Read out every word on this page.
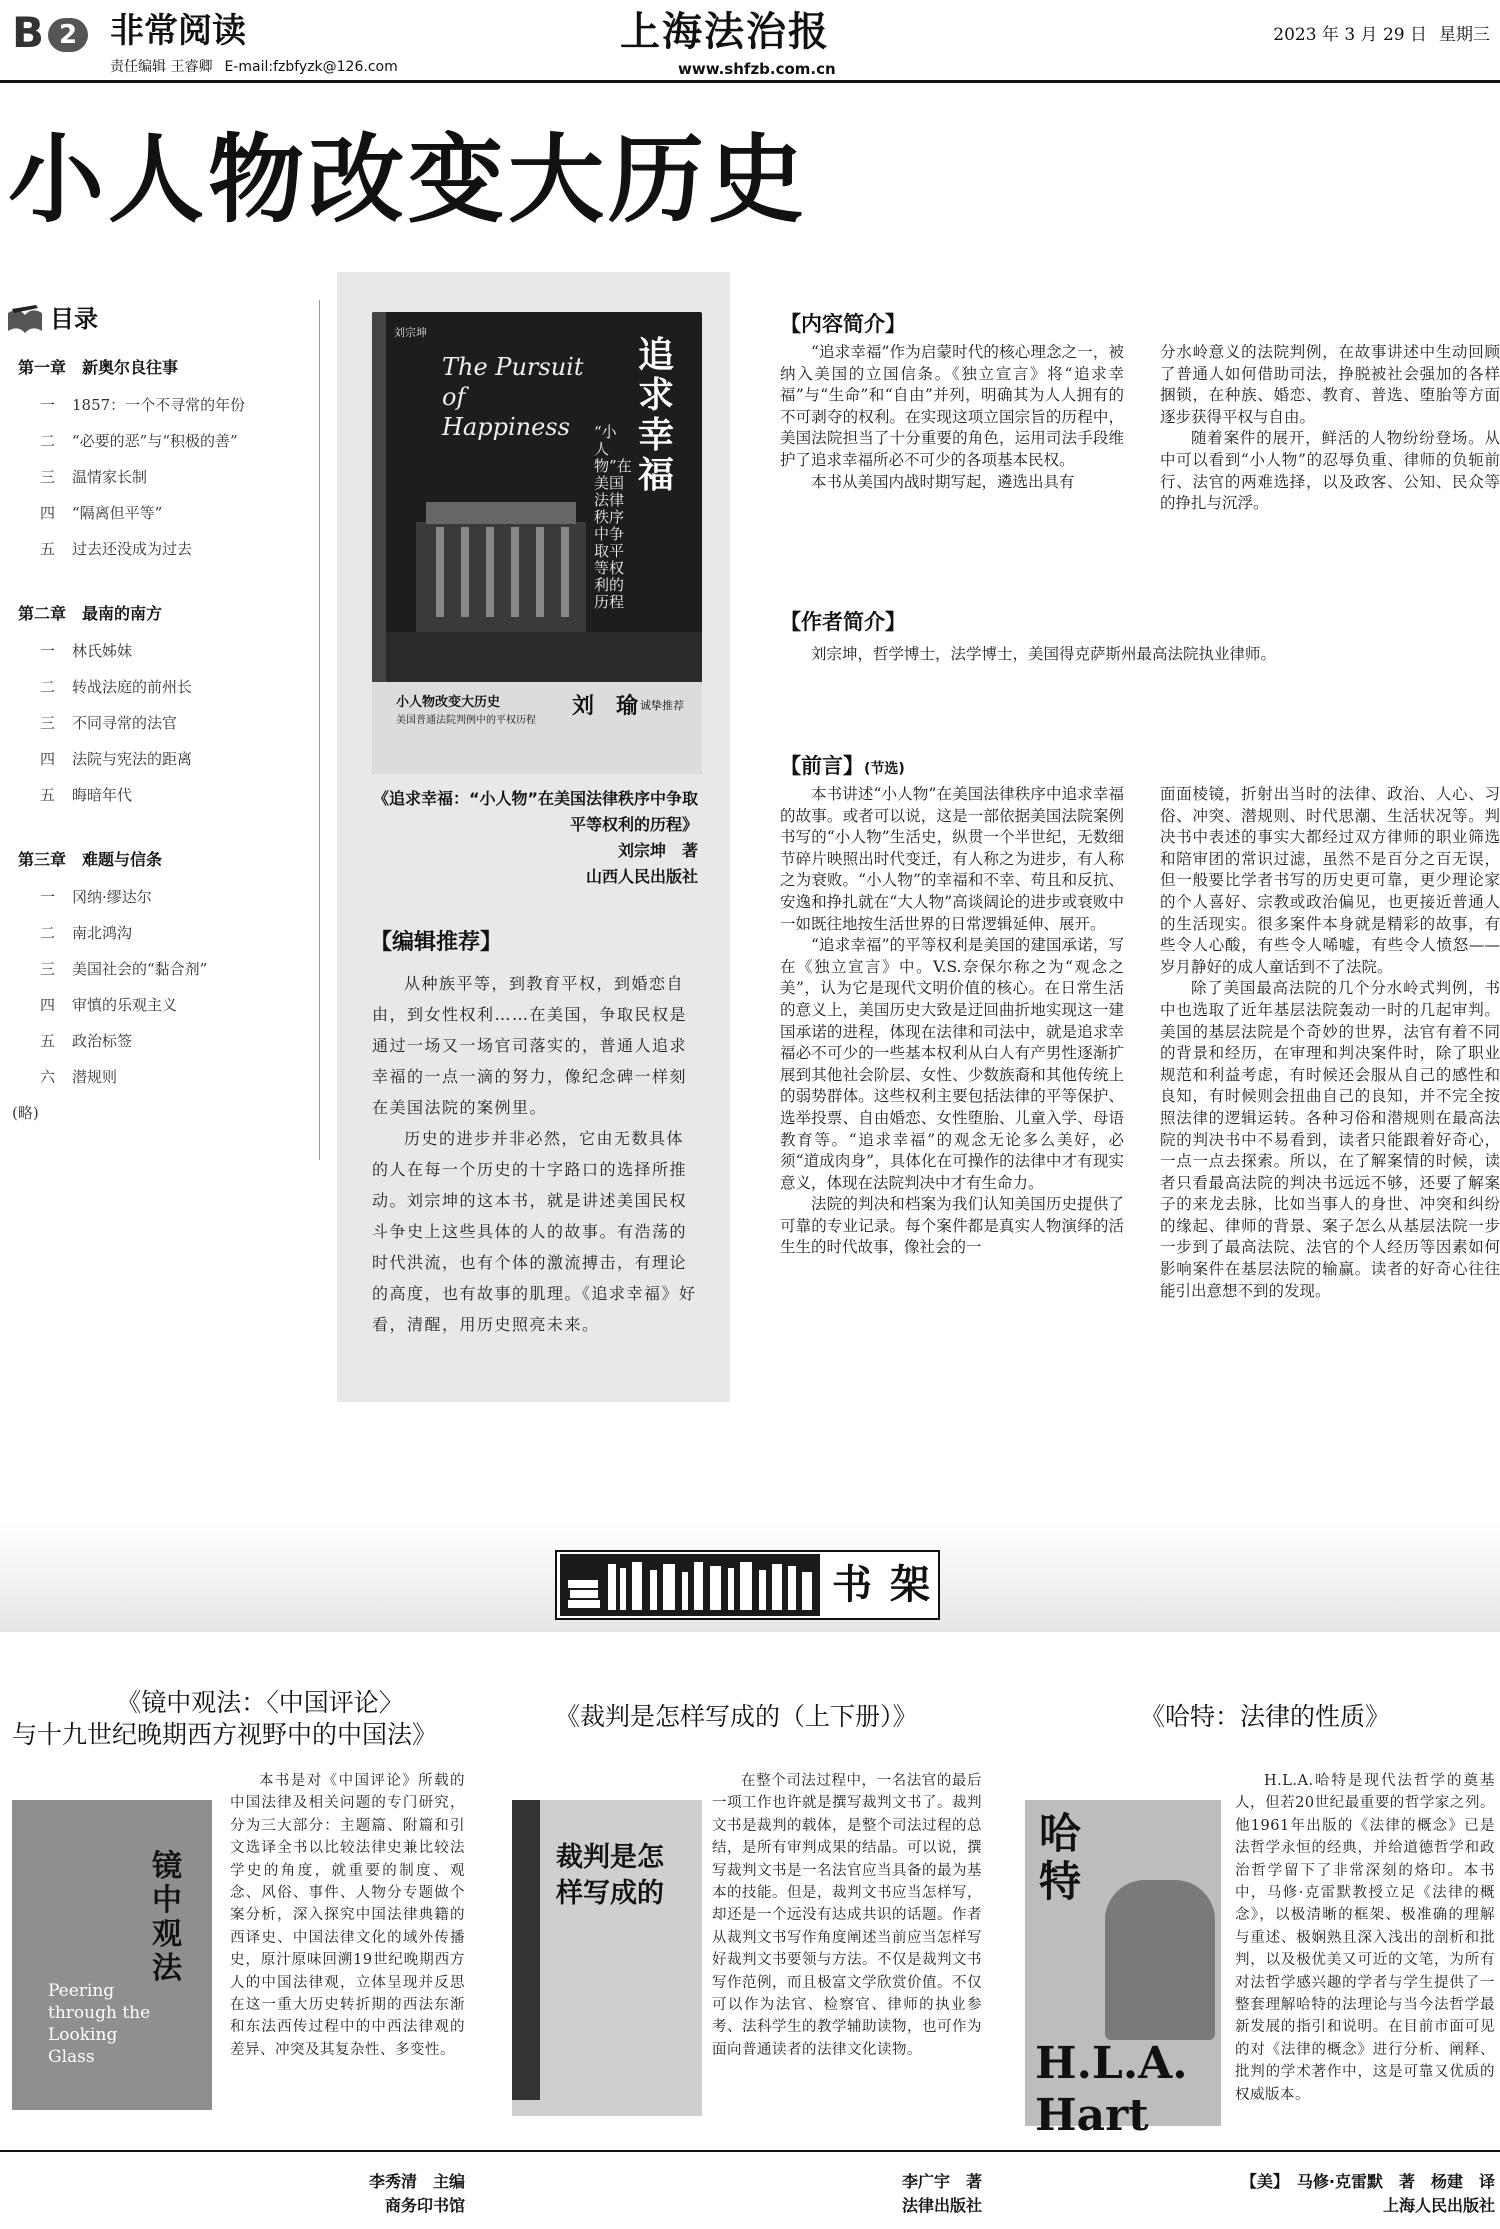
B 2 非常阅读
责任编辑 王睿卿 E-mail:fzbfyzk@126.com
上海法治报
www.shfzb.com.cn
2023 年 3 月 29 日 星期三
小人物改变大历史
目录
第一章　新奥尔良往事
一 1857：一个不寻常的年份
二 “必要的恶”与“积极的善”
三 温情家长制
四 “隔离但平等”
五 过去还没成为过去
第二章　最南的南方
一 林氏姊妹
二 转战法庭的前州长
三 不同寻常的法官
四 法院与宪法的距离
五 晦暗年代
第三章　难题与信条
一 冈纳·缪达尔
二 南北鸿沟
三 美国社会的“黏合剂”
四 审慎的乐观主义
五 政治标签
六 潜规则
(略)
刘宗坤
The Pursuit of Happiness
追求幸福
“小人物”在美国法律秩序中争取平等权利的历程
小人物改变大历史
美国普通法院判例中的平权历程
刘　瑜 诚挚推荐
《追求幸福：“小人物”在美国法律秩序中争取平等权利的历程》
刘宗坤　著
山西人民出版社
【编辑推荐】

从种族平等，到教育平权，到婚恋自由，到女性权利……在美国，争取民权是通过一场又一场官司落实的，普通人追求幸福的一点一滴的努力，像纪念碑一样刻在美国法院的案例里。

历史的进步并非必然，它由无数具体的人在每一个历史的十字路口的选择所推动。刘宗坤的这本书，就是讲述美国民权斗争史上这些具体的人的故事。有浩荡的时代洪流，也有个体的激流搏击，有理论的高度，也有故事的肌理。《追求幸福》好看，清醒，用历史照亮未来。

【内容简介】

“追求幸福”作为启蒙时代的核心理念之一，被纳入美国的立国信条。《独立宣言》将“追求幸福”与“生命”和“自由”并列，明确其为人人拥有的不可剥夺的权利。在实现这项立国宗旨的历程中，美国法院担当了十分重要的角色，运用司法手段维护了追求幸福所必不可少的各项基本民权。

本书从美国内战时期写起，遴选出具有

分水岭意义的法院判例，在故事讲述中生动回顾了普通人如何借助司法，挣脱被社会强加的各样捆锁，在种族、婚恋、教育、普选、堕胎等方面逐步获得平权与自由。

随着案件的展开，鲜活的人物纷纷登场。从中可以看到“小人物”的忍辱负重、律师的负轭前行、法官的两难选择，以及政客、公知、民众等的挣扎与沉浮。

【作者简介】

刘宗坤，哲学博士，法学博士，美国得克萨斯州最高法院执业律师。

【前言】(节选)

本书讲述“小人物”在美国法律秩序中追求幸福的故事。或者可以说，这是一部依据美国法院案例书写的“小人物”生活史，纵贯一个半世纪，无数细节碎片映照出时代变迁，有人称之为进步，有人称之为衰败。“小人物”的幸福和不幸、苟且和反抗、安逸和挣扎就在“大人物”高谈阔论的进步或衰败中一如既往地按生活世界的日常逻辑延伸、展开。

“追求幸福”的平等权利是美国的建国承诺，写在《独立宣言》中。V.S.奈保尔称之为“观念之美”，认为它是现代文明价值的核心。在日常生活的意义上，美国历史大致是迂回曲折地实现这一建国承诺的进程，体现在法律和司法中，就是追求幸福必不可少的一些基本权利从白人有产男性逐渐扩展到其他社会阶层、女性、少数族裔和其他传统上的弱势群体。这些权利主要包括法律的平等保护、选举投票、自由婚恋、女性堕胎、儿童入学、母语教育等。“追求幸福”的观念无论多么美好，必须“道成肉身”，具体化在可操作的法律中才有现实意义，体现在法院判决中才有生命力。

法院的判决和档案为我们认知美国历史提供了可靠的专业记录。每个案件都是真实人物演绎的活生生的时代故事，像社会的一

面面棱镜，折射出当时的法律、政治、人心、习俗、冲突、潜规则、时代思潮、生活状况等。判决书中表述的事实大都经过双方律师的职业筛选和陪审团的常识过滤，虽然不是百分之百无误，但一般要比学者书写的历史更可靠，更少理论家的个人喜好、宗教或政治偏见，也更接近普通人的生活现实。很多案件本身就是精彩的故事，有些令人心酸，有些令人唏嘘，有些令人愤怒——岁月静好的成人童话到不了法院。

除了美国最高法院的几个分水岭式判例，书中也选取了近年基层法院轰动一时的几起审判。美国的基层法院是个奇妙的世界，法官有着不同的背景和经历，在审理和判决案件时，除了职业规范和利益考虑，有时候还会服从自己的感性和良知，有时候则会扭曲自己的良知，并不完全按照法律的逻辑运转。各种习俗和潜规则在最高法院的判决书中不易看到，读者只能跟着好奇心，一点一点去探索。所以，在了解案情的时候，读者只看最高法院的判决书远远不够，还要了解案子的来龙去脉，比如当事人的身世、冲突和纠纷的缘起、律师的背景、案子怎么从基层法院一步一步到了最高法院、法官的个人经历等因素如何影响案件在基层法院的输赢。读者的好奇心往往能引出意想不到的发现。

书架
《镜中观法：〈中国评论〉
与十九世纪晚期西方视野中的中国法》
镜中观法
Peering through the Looking Glass

本书是对《中国评论》所载的中国法律及相关问题的专门研究，分为三大部分：主题篇、附篇和引文选译全书以比较法律史兼比较法学史的角度，就重要的制度、观念、风俗、事件、人物分专题做个案分析，深入探究中国法律典籍的西译史、中国法律文化的域外传播史，原汁原味回溯19世纪晚期西方人的中国法律观，立体呈现并反思在这一重大历史转折期的西法东渐和东法西传过程中的中西法律观的差异、冲突及其复杂性、多变性。

李秀清　主编
商务印书馆
《裁判是怎样写成的（上下册）》
裁判是怎样写成的

在整个司法过程中，一名法官的最后一项工作也许就是撰写裁判文书了。裁判文书是裁判的载体，是整个司法过程的总结，是所有审判成果的结晶。可以说，撰写裁判文书是一名法官应当具备的最为基本的技能。但是，裁判文书应当怎样写，却还是一个远没有达成共识的话题。作者从裁判文书写作角度阐述当前应当怎样写好裁判文书要领与方法。不仅是裁判文书写作范例，而且极富文学欣赏价值。不仅可以作为法官、检察官、律师的执业参考、法科学生的教学辅助读物，也可作为面向普通读者的法律文化读物。

李广宇　著
法律出版社
《哈特：法律的性质》
哈特
H.L.A. Hart

H.L.A.哈特是现代法哲学的奠基人，但若20世纪最重要的哲学家之列。他1961年出版的《法律的概念》已是法哲学永恒的经典，并给道德哲学和政治哲学留下了非常深刻的烙印。本书中，马修·克雷默教授立足《法律的概念》，以极清晰的框架、极准确的理解与重述、极娴熟且深入浅出的剖析和批判，以及极优美又可近的文笔，为所有对法哲学感兴趣的学者与学生提供了一整套理解哈特的法理论与当今法哲学最新发展的指引和说明。在目前市面可见的对《法律的概念》进行分析、阐释、批判的学术著作中，这是可靠又优质的权威版本。

【美】　马修·克雷默　著　杨建　译
上海人民出版社
